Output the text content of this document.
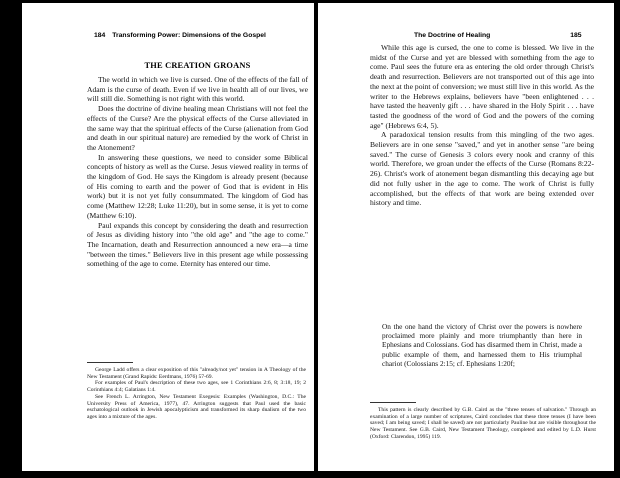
184 Transforming Power: Dimensions of the Gospel
THE CREATION GROANS

The world in which we live is cursed. One of the effects of the fall of Adam is the curse of death. Even if we live in health all of our lives, we will still die. Something is not right with this world.

Does the doctrine of divine healing mean Christians will not feel the effects of the Curse? Are the physical effects of the Curse alleviated in the same way that the spiritual effects of the Curse (alienation from God and death in our spiritual nature) are remedied by the work of Christ in the Atonement?

In answering these questions, we need to consider some Biblical concepts of history as well as the Curse. Jesus viewed reality in terms of the kingdom of God. He says the Kingdom is already present (because of His coming to earth and the power of God that is evident in His work) but it is not yet fully consummated. The kingdom of God has come (Matthew 12:28; Luke 11:20), but in some sense, it is yet to come (Matthew 6:10).

Paul expands this concept by considering the death and resurrection of Jesus as dividing history into "the old age" and "the age to come." The Incarnation, death and Resurrection announced a new era—a time "between the times." Believers live in this present age while possessing something of the age to come. Eternity has entered our time.

George Ladd offers a clear exposition of this "already/not yet" tension in A Theology of the New Testament (Grand Rapids: Eerdmans, 1976) 57-69.

For examples of Paul's description of these two ages, see 1 Corinthians 2:6, 8; 3:18, 19; 2 Corinthians 4:4; Galatians 1:4.

See French L. Arrington, New Testament Exegesis: Examples (Washington, D.C.: The University Press of America, 1977), 47. Arrington suggests that Paul used the basic eschatological outlook in Jewish apocalypticism and transformed its sharp dualism of the two ages into a mixture of the ages.

The Doctrine of Healing	185

While this age is cursed, the one to come is blessed. We live in the midst of the Curse and yet are blessed with something from the age to come. Paul sees the future era as entering the old order through Christ's death and resurrection. Believers are not transported out of this age into the next at the point of conversion; we must still live in this world. As the writer to the Hebrews explains, believers have "been enlightened . . . have tasted the heavenly gift . . . have shared in the Holy Spirit . . . have tasted the goodness of the word of God and the powers of the coming age" (Hebrews 6:4, 5).

A paradoxical tension results from this mingling of the two ages. Believers are in one sense "saved," and yet in another sense "are being saved." The curse of Genesis 3 colors every nook and cranny of this world. Therefore, we groan under the effects of the Curse (Romans 8:22-26). Christ's work of atonement began dismantling this decaying age but did not fully usher in the age to come. The work of Christ is fully accomplished, but the effects of that work are being extended over history and time.

On the one hand the victory of Christ over the powers is nowhere proclaimed more plainly and more triumphantly than here in Ephesians and Colossians. God has disarmed them in Christ, made a public example of them, and harnessed them to His triumphal chariot (Colossians 2:15; cf. Ephesians 1:20f;

This pattern is clearly described by G.B. Caird as the "three tenses of salvation." Through an examination of a large number of scriptures, Caird concludes that these three tenses (I have been saved; I am being saved; I shall be saved) are not particularly Pauline but are visible throughout the New Testament. See G.B. Caird, New Testament Theology, completed and edited by L.D. Hurst (Oxford: Clarendon, 1995) 119.
